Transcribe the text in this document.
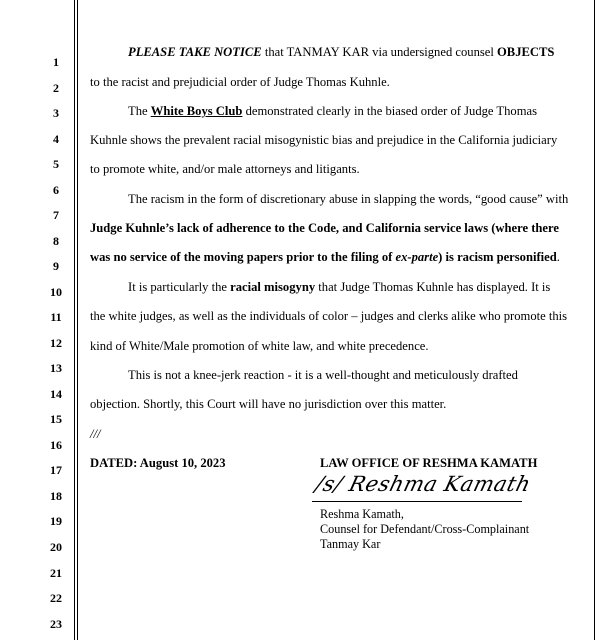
1
2
3
4
5
6
7
8
9
10
11
12
13
14
15
16
17
18
19
20
21
22
23
PLEASE TAKE NOTICE that TANMAY KAR via undersigned counsel OBJECTS
to the racist and prejudicial order of Judge Thomas Kuhnle.
The White Boys Club demonstrated clearly in the biased order of Judge Thomas
Kuhnle shows the prevalent racial misogynistic bias and prejudice in the California judiciary
to promote white, and/or male attorneys and litigants.
The racism in the form of discretionary abuse in slapping the words, “good cause” with
Judge Kuhnle’s lack of adherence to the Code, and California service laws (where there
was no service of the moving papers prior to the filing of ex-parte) is racism personified.
It is particularly the racial misogyny that Judge Thomas Kuhnle has displayed. It is
the white judges, as well as the individuals of color – judges and clerks alike who promote this
kind of White/Male promotion of white law, and white precedence.
This is not a knee-jerk reaction - it is a well-thought and meticulously drafted
objection. Shortly, this Court will have no jurisdiction over this matter.
///
DATED: August 10, 2023	LAW OFFICE OF RESHMA KAMATH
/s/ Reshma Kamath
Reshma Kamath,
Counsel for Defendant/Cross-Complainant
Tanmay Kar
